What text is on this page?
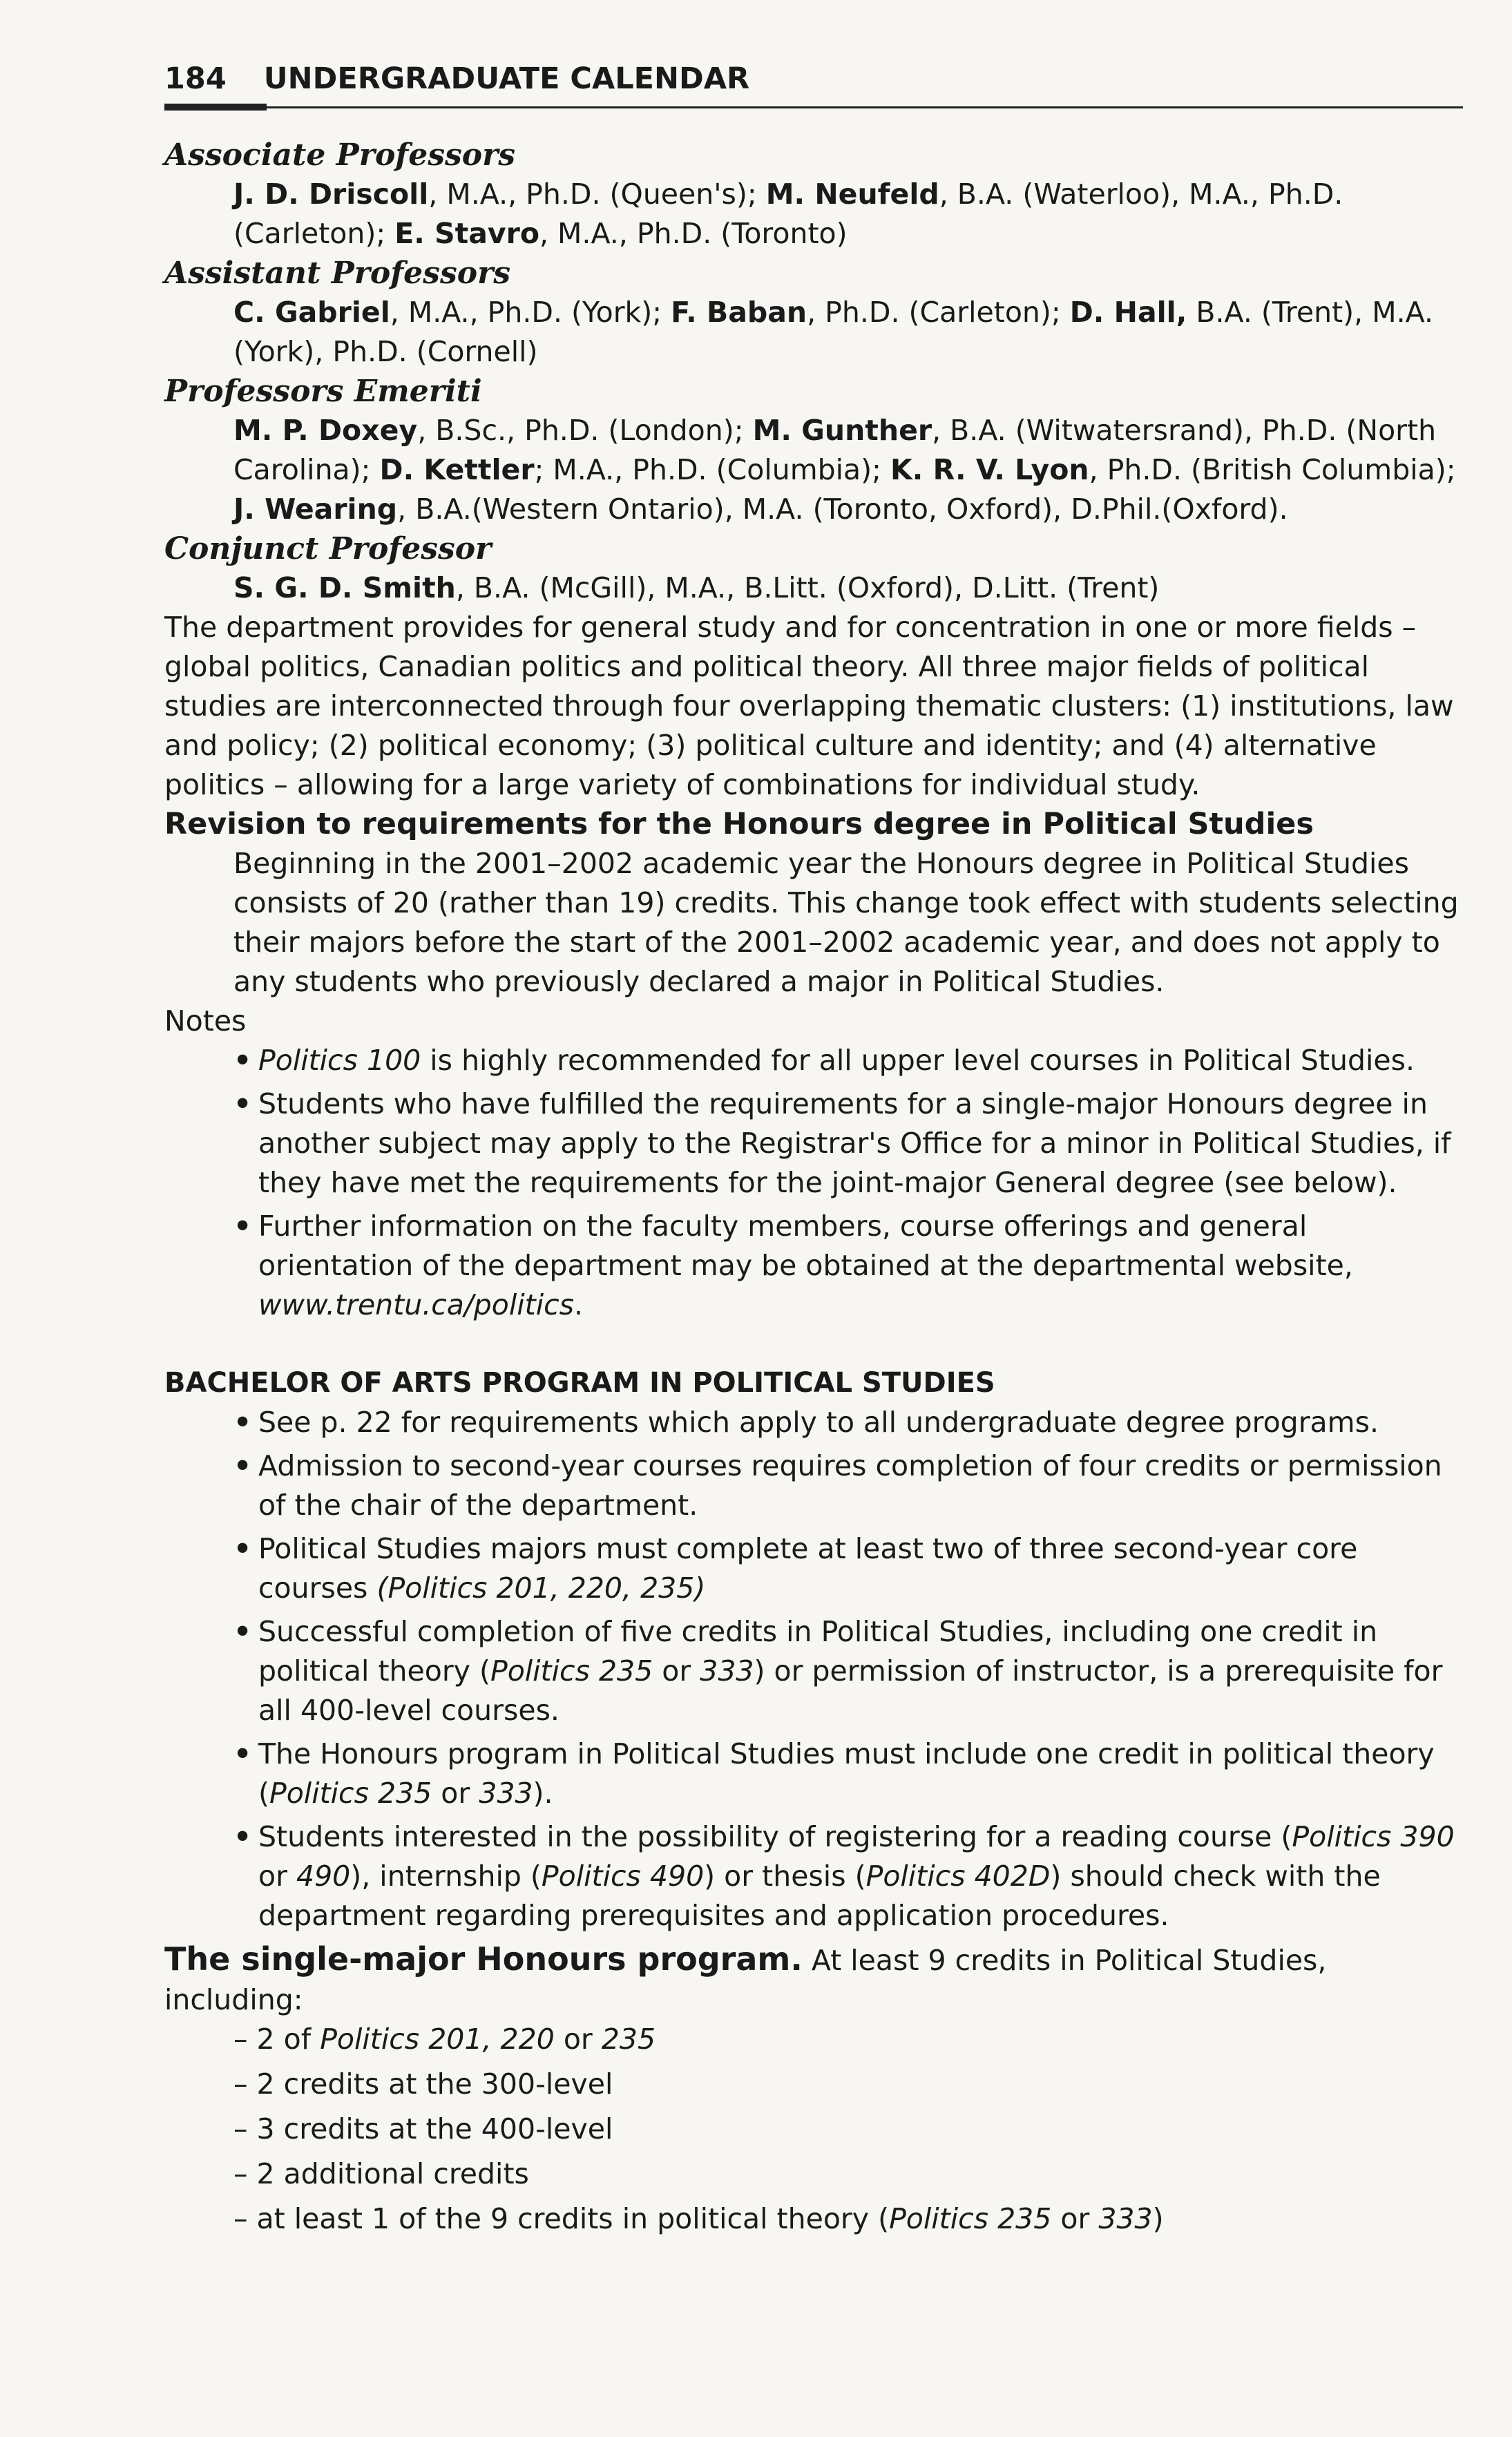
184 UNDERGRADUATE CALENDAR

Associate Professors

J. D. Driscoll, M.A., Ph.D. (Queen's); M. Neufeld, B.A. (Waterloo), M.A., Ph.D.

(Carleton); E. Stavro, M.A., Ph.D. (Toronto)

Assistant Professors

C. Gabriel, M.A., Ph.D. (York); F. Baban, Ph.D. (Carleton); D. Hall, B.A. (Trent), M.A.

(York), Ph.D. (Cornell)

Professors Emeriti

M. P. Doxey, B.Sc., Ph.D. (London); M. Gunther, B.A. (Witwatersrand), Ph.D. (North

Carolina); D. Kettler; M.A., Ph.D. (Columbia); K. R. V. Lyon, Ph.D. (British Columbia);

J. Wearing, B.A.(Western Ontario), M.A. (Toronto, Oxford), D.Phil.(Oxford).

Conjunct Professor

S. G. D. Smith, B.A. (McGill), M.A., B.Litt. (Oxford), D.Litt. (Trent)

The department provides for general study and for concentration in one or more fields – global politics, Canadian politics and political theory. All three major fields of political studies are interconnected through four overlapping thematic clusters: (1) institutions, law and policy; (2) political economy; (3) political culture and identity; and (4) alternative politics – allowing for a large variety of combinations for individual study.

Revision to requirements for the Honours degree in Political Studies

Beginning in the 2001–2002 academic year the Honours degree in Political Studies consists of 20 (rather than 19) credits. This change took effect with students selecting their majors before the start of the 2001–2002 academic year, and does not apply to any students who previously declared a major in Political Studies.

Notes

• Politics 100 is highly recommended for all upper level courses in Political Studies.
• Students who have fulfilled the requirements for a single-major Honours degree in another subject may apply to the Registrar's Office for a minor in Political Studies, if they have met the requirements for the joint-major General degree (see below).
• Further information on the faculty members, course offerings and general orientation of the department may be obtained at the departmental website, www.trentu.ca/politics.

BACHELOR OF ARTS PROGRAM IN POLITICAL STUDIES

• See p. 22 for requirements which apply to all undergraduate degree programs.
• Admission to second-year courses requires completion of four credits or permission of the chair of the department.
• Political Studies majors must complete at least two of three second-year core courses (Politics 201, 220, 235)
• Successful completion of five credits in Political Studies, including one credit in political theory (Politics 235 or 333) or permission of instructor, is a prerequisite for all 400-level courses.
• The Honours program in Political Studies must include one credit in political theory (Politics 235 or 333).
• Students interested in the possibility of registering for a reading course (Politics 390 or 490), internship (Politics 490) or thesis (Politics 402D) should check with the department regarding prerequisites and application procedures.

The single-major Honours program. At least 9 credits in Political Studies, including:

– 2 of Politics 201, 220 or 235
– 2 credits at the 300-level
– 3 credits at the 400-level
– 2 additional credits
– at least 1 of the 9 credits in political theory (Politics 235 or 333)
